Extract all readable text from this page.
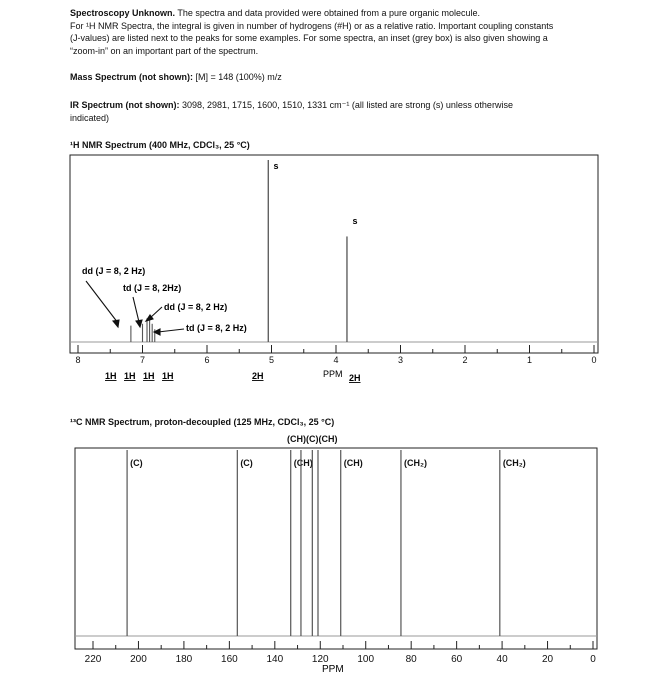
Spectroscopy Unknown. The spectra and data provided were obtained from a pure organic molecule.
For ¹H NMR Spectra, the integral is given in number of hydrogens (#H) or as a relative ratio. Important coupling constants
(J-values) are listed next to the peaks for some examples. For some spectra, an inset (grey box) is also given showing a
“zoom-in” on an important part of the spectrum.
Mass Spectrum (not shown): [M] = 148 (100%) m/z
IR Spectrum (not shown): 3098, 2981, 1715, 1600, 1510, 1331 cm⁻¹ (all listed are strong (s) unless otherwise
indicated)
¹H NMR Spectrum (400 MHz, CDCl₃, 25 °C)
8	7	6	5	4	3	2	1	0
s
s
dd (J = 8, 2 Hz)
td (J = 8, 2Hz)
dd (J = 8, 2 Hz)
td (J = 8, 2 Hz)
1H 1H 1H 1H	2H	PPM 2H
¹³C NMR Spectrum, proton-decoupled (125 MHz, CDCl₃, 25 °C)
(CH)(C)(CH)
(C)	(C)	(CH)	(CH)	(CH₂)	(CH₂)
220	200	180	160	140	120	100	80	60	40	20	0
PPM
